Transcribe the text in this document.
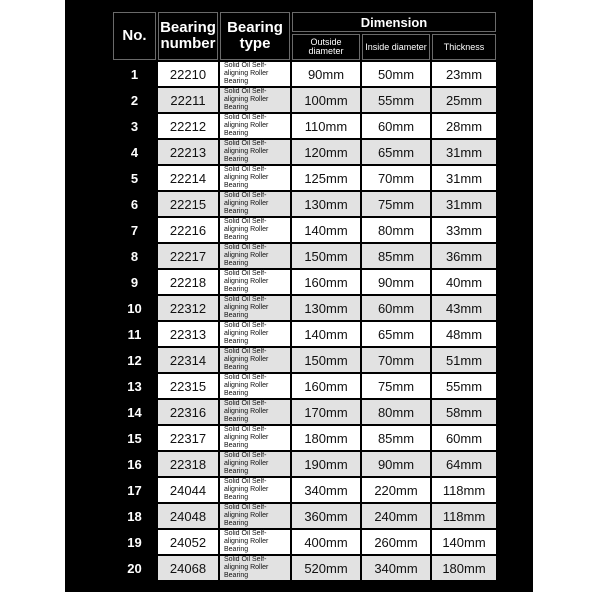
No.	Bearing number	Bearing type	Dimension		
			Outside diameter	Inside diameter	Thickness
1	22210	Solid Oil Self-aligning Roller Bearing	90mm	50mm	23mm
2	22211	Solid Oil Self-aligning Roller Bearing	100mm	55mm	25mm
3	22212	Solid Oil Self-aligning Roller Bearing	110mm	60mm	28mm
4	22213	Solid Oil Self-aligning Roller Bearing	120mm	65mm	31mm
5	22214	Solid Oil Self-aligning Roller Bearing	125mm	70mm	31mm
6	22215	Solid Oil Self-aligning Roller Bearing	130mm	75mm	31mm
7	22216	Solid Oil Self-aligning Roller Bearing	140mm	80mm	33mm
8	22217	Solid Oil Self-aligning Roller Bearing	150mm	85mm	36mm
9	22218	Solid Oil Self-aligning Roller Bearing	160mm	90mm	40mm
10	22312	Solid Oil Self-aligning Roller Bearing	130mm	60mm	43mm
11	22313	Solid Oil Self-aligning Roller Bearing	140mm	65mm	48mm
12	22314	Solid Oil Self-aligning Roller Bearing	150mm	70mm	51mm
13	22315	Solid Oil Self-aligning Roller Bearing	160mm	75mm	55mm
14	22316	Solid Oil Self-aligning Roller Bearing	170mm	80mm	58mm
15	22317	Solid Oil Self-aligning Roller Bearing	180mm	85mm	60mm
16	22318	Solid Oil Self-aligning Roller Bearing	190mm	90mm	64mm
17	24044	Solid Oil Self-aligning Roller Bearing	340mm	220mm	118mm
18	24048	Solid Oil Self-aligning Roller Bearing	360mm	240mm	118mm
19	24052	Solid Oil Self-aligning Roller Bearing	400mm	260mm	140mm
20	24068	Solid Oil Self-aligning Roller Bearing	520mm	340mm	180mm
